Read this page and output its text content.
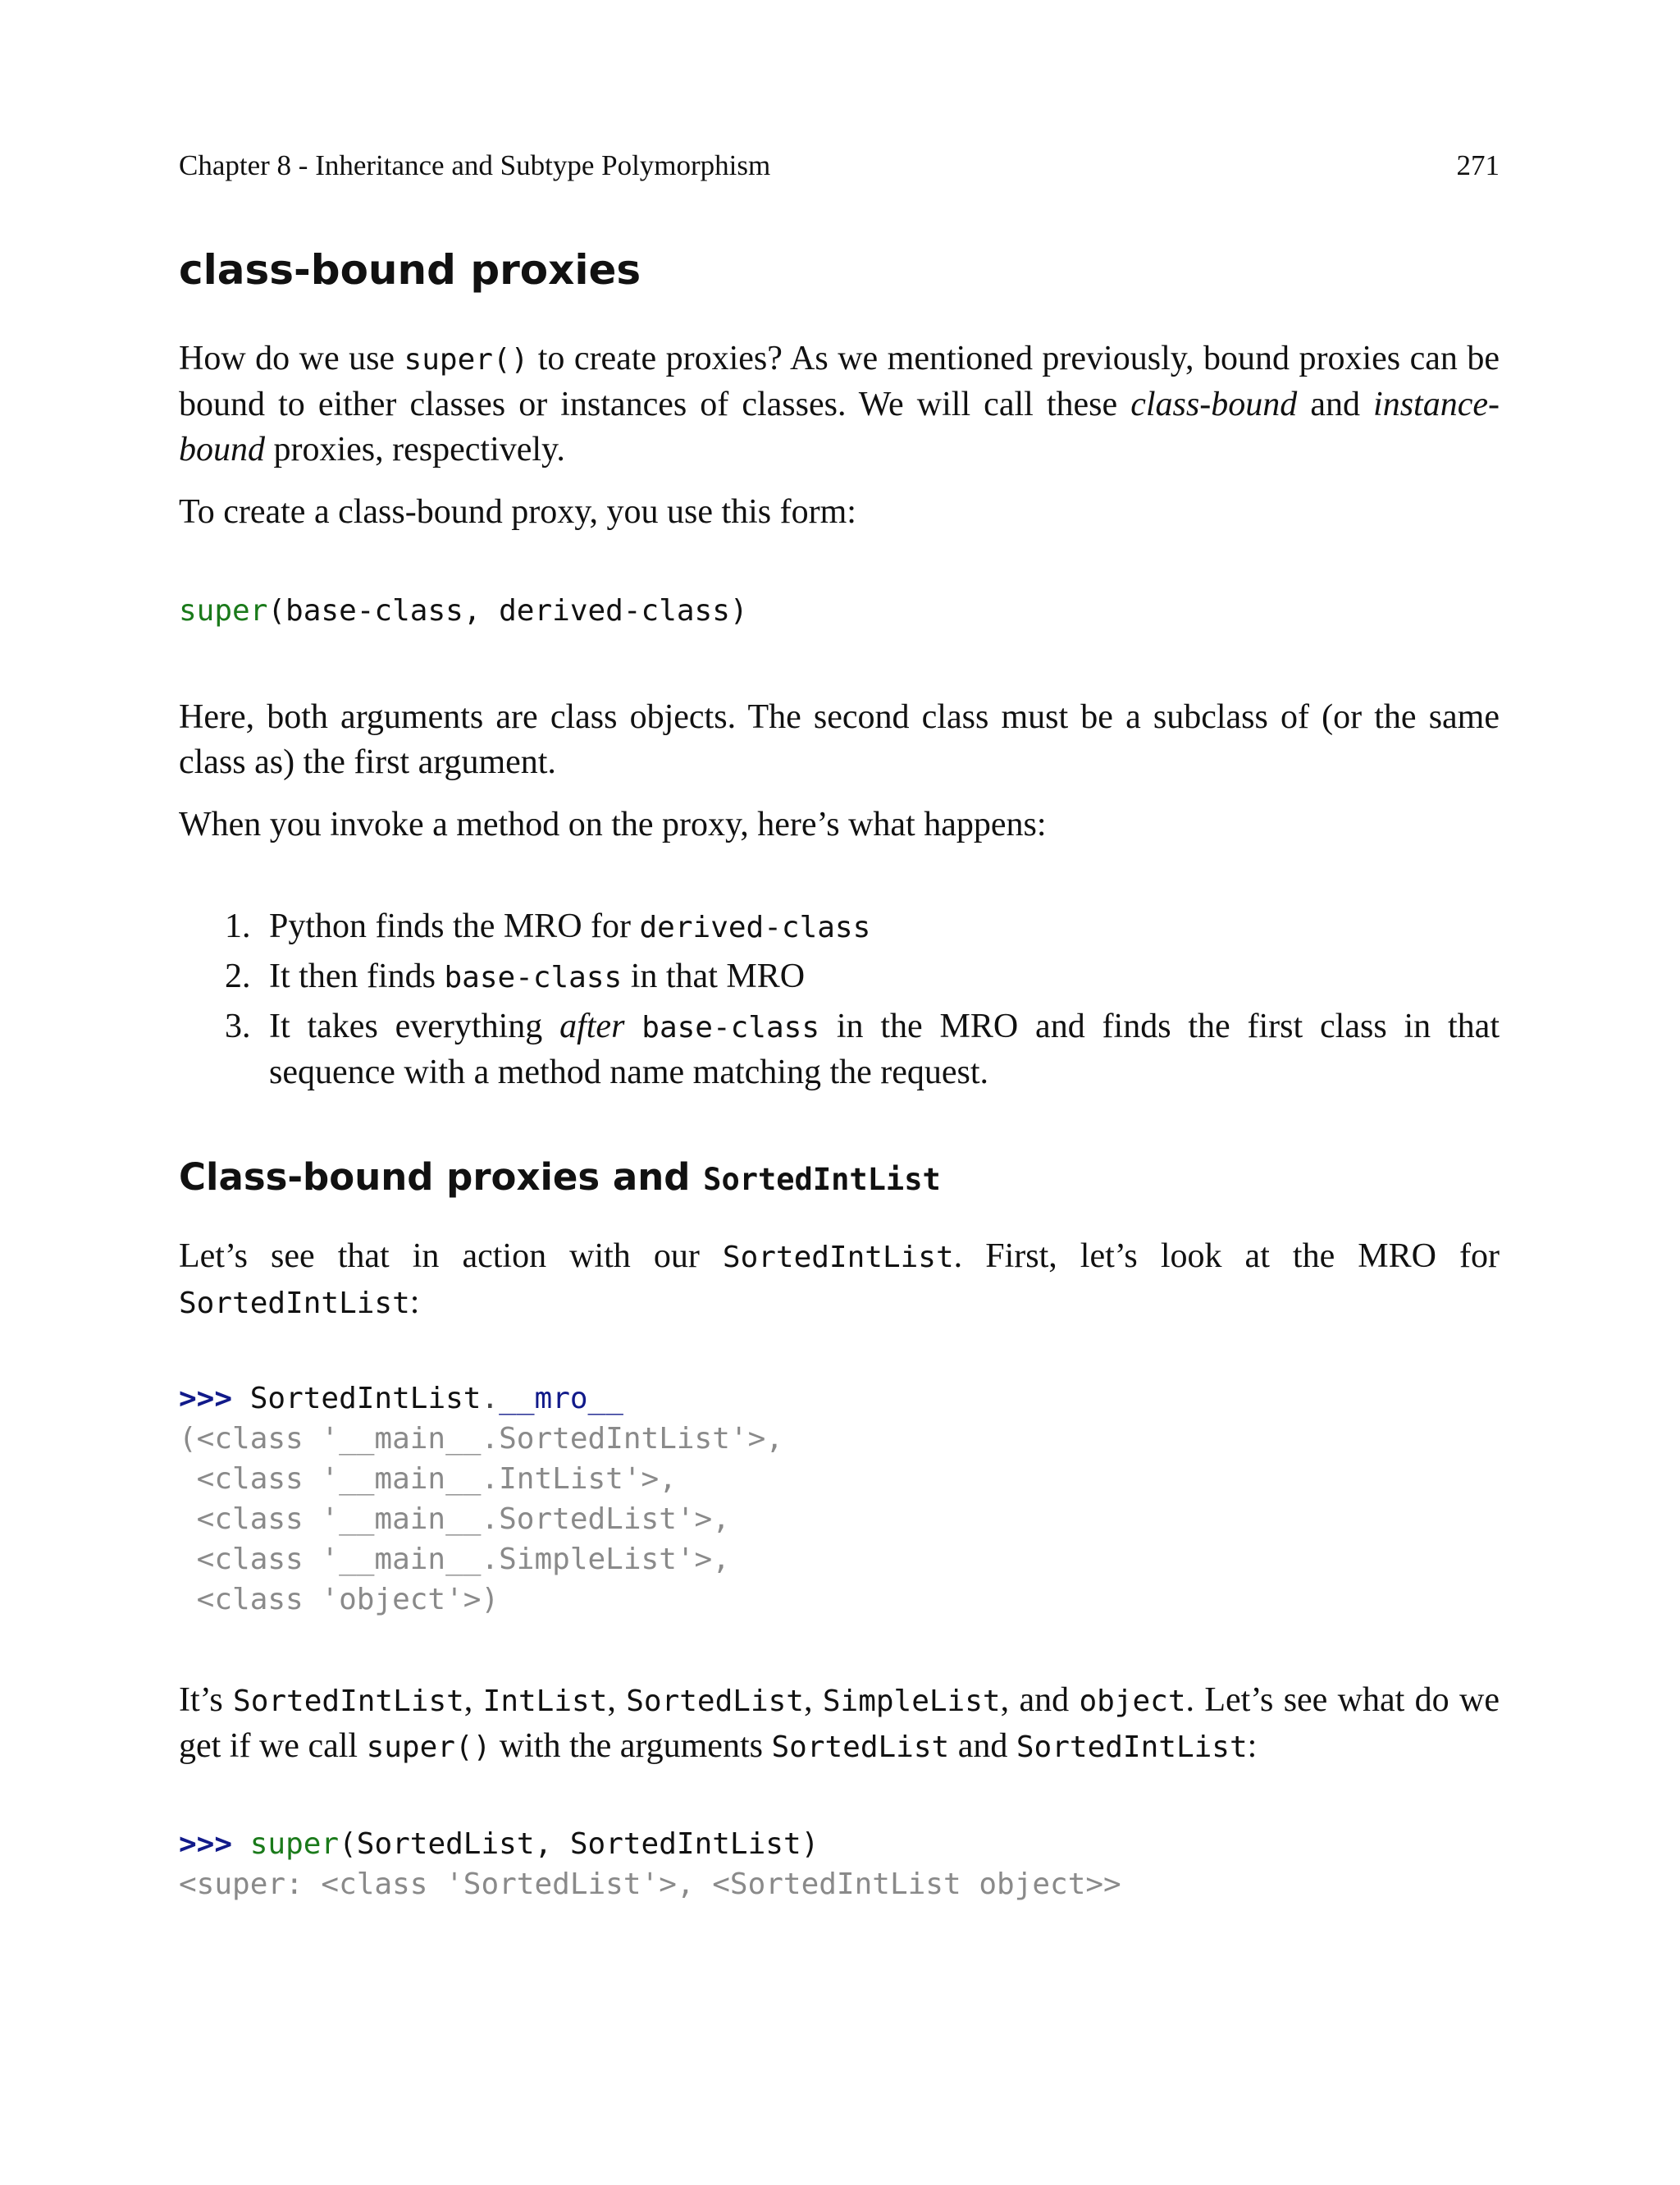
Chapter 8 - Inheritance and Subtype Polymorphism	271
class-bound proxies

How do we use super() to create proxies? As we mentioned previously, bound proxies can be bound to either classes or instances of classes. We will call these class-bound and instance-bound proxies, respectively.

To create a class-bound proxy, you use this form:

super(base-class, derived-class)

Here, both arguments are class objects. The second class must be a subclass of (or the same class as) the first argument.

When you invoke a method on the proxy, here’s what happens:

1. Python finds the MRO for derived-class
2. It then finds base-class in that MRO
3. It takes everything after base-class in the MRO and finds the first class in that sequence with a method name matching the request.
Class-bound proxies and SortedIntList

Let’s see that in action with our SortedIntList. First, let’s look at the MRO for SortedIntList:

>>> SortedIntList.__mro__
(<class '__main__.SortedIntList'>,
<class '__main__.IntList'>,
<class '__main__.SortedList'>,
<class '__main__.SimpleList'>,
<class 'object'>)

It’s SortedIntList, IntList, SortedList, SimpleList, and object. Let’s see what do we get if we call super() with the arguments SortedList and SortedIntList:

>>> super(SortedList, SortedIntList)
<super: <class 'SortedList'>, <SortedIntList object>>
